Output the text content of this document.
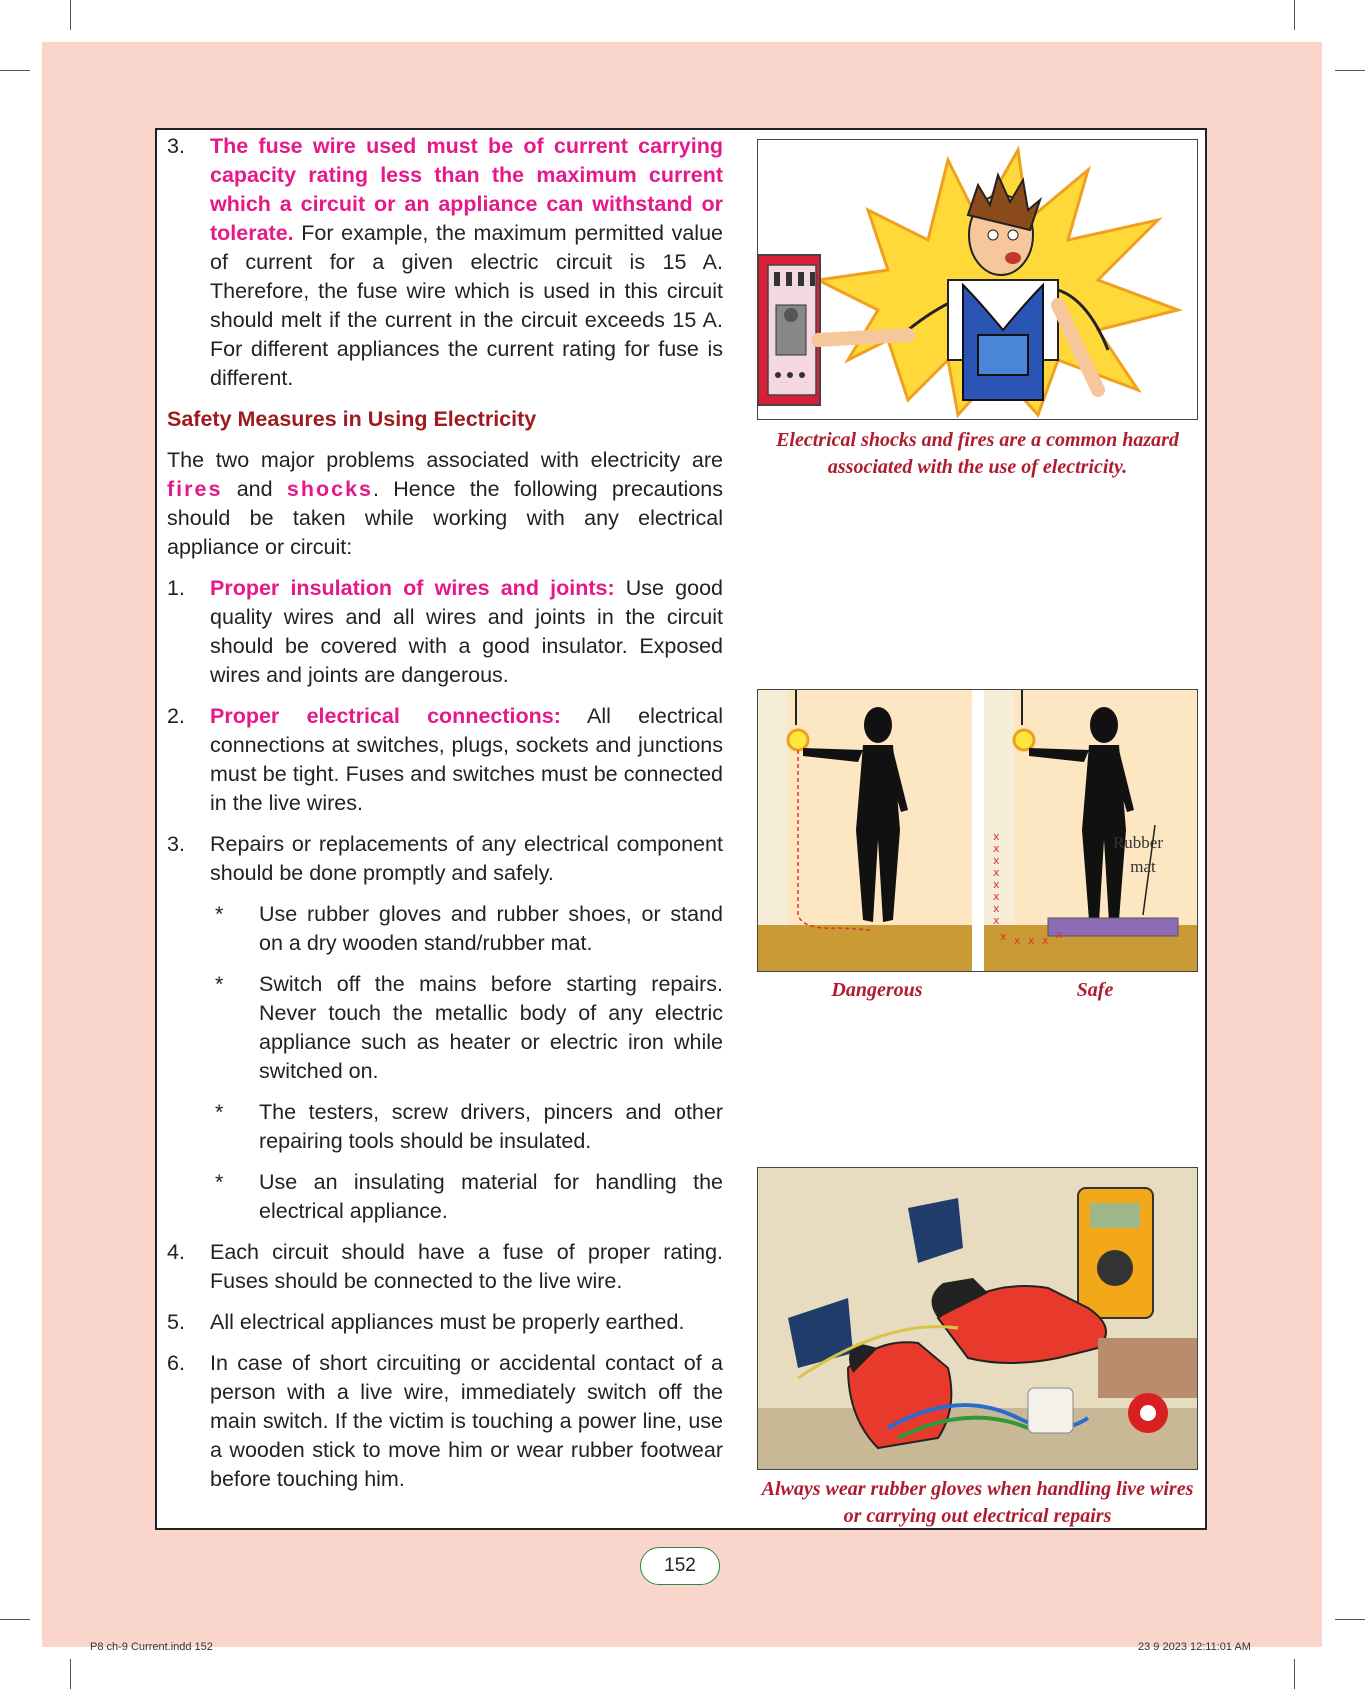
3. The fuse wire used must be of current carrying capacity rating less than the maximum current which a circuit or an appliance can withstand or tolerate. For example, the maximum permitted value of current for a given electric circuit is 15 A. Therefore, the fuse wire which is used in this circuit should melt if the current in the circuit exceeds 15 A. For different appliances the current rating for fuse is different.
Safety Measures in Using Electricity

The two major problems associated with electricity are fires and shocks. Hence the following precautions should be taken while working with any electrical appliance or circuit:

1. Proper insulation of wires and joints: Use good quality wires and all wires and joints in the circuit should be covered with a good insulator. Exposed wires and joints are dangerous.
2. Proper electrical connections: All electrical connections at switches, plugs, sockets and junctions must be tight. Fuses and switches must be connected in the live wires.
3. Repairs or replacements of any electrical component should be done promptly and safely.
* Use rubber gloves and rubber shoes, or stand on a dry wooden stand/rubber mat.
* Switch off the mains before starting repairs. Never touch the metallic body of any electric appliance such as heater or electric iron while switched on.
* The testers, screw drivers, pincers and other repairing tools should be insulated.
* Use an insulating material for handling the electrical appliance.
4. Each circuit should have a fuse of proper rating. Fuses should be connected to the live wire.
5. All electrical appliances must be properly earthed.
6. In case of short circuiting or accidental contact of a person with a live wire, immediately switch off the main switch. If the victim is touching a power line, use a wooden stick to move him or wear rubber footwear before touching him.
Electrical shocks and fires are a common hazard associated with the use of electricity.
x
x
x
x
x
x
x
x
x x x x x
Rubber
mat
Dangerous	Safe
Always wear rubber gloves when handling live wires or carrying out electrical repairs
152
P8 ch-9 Current.indd 152	23 9 2023 12:11:01 AM
